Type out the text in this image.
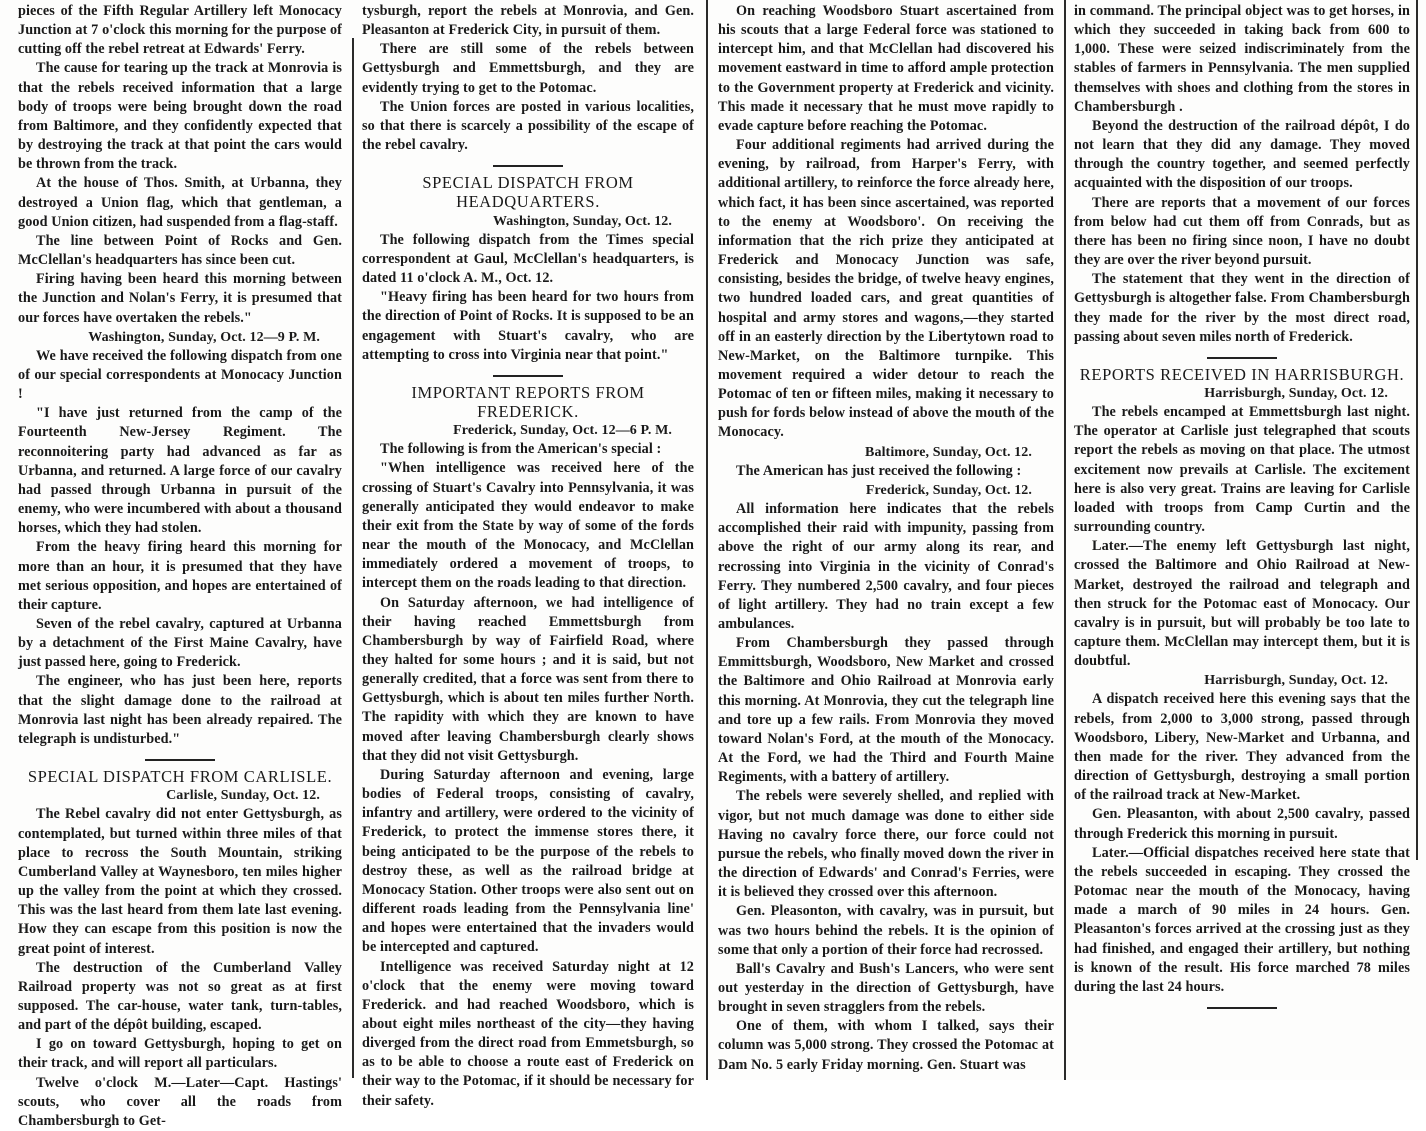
pieces of the Fifth Regular Artillery left Monocacy Junction at 7 o'clock this morning for the purpose of cutting off the rebel retreat at Edwards' Ferry.

The cause for tearing up the track at Monrovia is that the rebels received information that a large body of troops were being brought down the road from Baltimore, and they confidently expected that by destroying the track at that point the cars would be thrown from the track.

At the house of Thos. Smith, at Urbanna, they destroyed a Union flag, which that gentleman, a good Union citizen, had suspended from a flag-staff.

The line between Point of Rocks and Gen. McClellan's headquarters has since been cut.

Firing having been heard this morning between the Junction and Nolan's Ferry, it is presumed that our forces have overtaken the rebels."

Washington, Sunday, Oct. 12—9 P. M.

We have received the following dispatch from one of our special correspondents at Monocacy Junction !

"I have just returned from the camp of the Fourteenth New-Jersey Regiment. The reconnoitering party had advanced as far as Urbanna, and returned. A large force of our cavalry had passed through Urbanna in pursuit of the enemy, who were incumbered with about a thousand horses, which they had stolen.

From the heavy firing heard this morning for more than an hour, it is presumed that they have met serious opposition, and hopes are entertained of their capture.

Seven of the rebel cavalry, captured at Urbanna by a detachment of the First Maine Cavalry, have just passed here, going to Frederick.

The engineer, who has just been here, reports that the slight damage done to the railroad at Monrovia last night has been already repaired. The telegraph is undisturbed."

SPECIAL DISPATCH FROM CARLISLE.

Carlisle, Sunday, Oct. 12.

The Rebel cavalry did not enter Gettysburgh, as contemplated, but turned within three miles of that place to recross the South Mountain, striking Cumberland Valley at Waynesboro, ten miles higher up the valley from the point at which they crossed. This was the last heard from them late last evening. How they can escape from this position is now the great point of interest.

The destruction of the Cumberland Valley Railroad property was not so great as at first supposed. The car-house, water tank, turn-tables, and part of the dépôt building, escaped.

I go on toward Gettysburgh, hoping to get on their track, and will report all particulars.

Twelve o'clock M.—Later—Capt. Hastings' scouts, who cover all the roads from Chambersburgh to Get-

tysburgh, report the rebels at Monrovia, and Gen. Pleasanton at Frederick City, in pursuit of them.

There are still some of the rebels between Gettysburgh and Emmettsburgh, and they are evidently trying to get to the Potomac.

The Union forces are posted in various localities, so that there is scarcely a possibility of the escape of the rebel cavalry.

SPECIAL DISPATCH FROM HEADQUARTERS.

Washington, Sunday, Oct. 12.

The following dispatch from the Times special correspondent at Gaul, McClellan's headquarters, is dated 11 o'clock A. M., Oct. 12.

"Heavy firing has been heard for two hours from the direction of Point of Rocks. It is supposed to be an engagement with Stuart's cavalry, who are attempting to cross into Virginia near that point."

IMPORTANT REPORTS FROM FREDERICK.

Frederick, Sunday, Oct. 12—6 P. M.

The following is from the American's special :

"When intelligence was received here of the crossing of Stuart's Cavalry into Pennsylvania, it was generally anticipated they would endeavor to make their exit from the State by way of some of the fords near the mouth of the Monocacy, and McClellan immediately ordered a movement of troops, to intercept them on the roads leading to that direction.

On Saturday afternoon, we had intelligence of their having reached Emmettsburgh from Chambersburgh by way of Fairfield Road, where they halted for some hours ; and it is said, but not generally credited, that a force was sent from there to Gettysburgh, which is about ten miles further North. The rapidity with which they are known to have moved after leaving Chambersburgh clearly shows that they did not visit Gettysburgh.

During Saturday afternoon and evening, large bodies of Federal troops, consisting of cavalry, infantry and artillery, were ordered to the vicinity of Frederick, to protect the immense stores there, it being anticipated to be the purpose of the rebels to destroy these, as well as the railroad bridge at Monocacy Station. Other troops were also sent out on different roads leading from the Pennsylvania line' and hopes were entertained that the invaders would be intercepted and captured.

Intelligence was received Saturday night at 12 o'clock that the enemy were moving toward Frederick. and had reached Woodsboro, which is about eight miles northeast of the city—they having diverged from the direct road from Emmetsburgh, so as to be able to choose a route east of Frederick on their way to the Potomac, if it should be necessary for their safety.

On reaching Woodsboro Stuart ascertained from his scouts that a large Federal force was stationed to intercept him, and that McClellan had discovered his movement eastward in time to afford ample protection to the Government property at Frederick and vicinity. This made it necessary that he must move rapidly to evade capture before reaching the Potomac.

Four additional regiments had arrived during the evening, by railroad, from Harper's Ferry, with additional artillery, to reinforce the force already here, which fact, it has been since ascertained, was reported to the enemy at Woodsboro'. On receiving the information that the rich prize they anticipated at Frederick and Monocacy Junction was safe, consisting, besides the bridge, of twelve heavy engines, two hundred loaded cars, and great quantities of hospital and army stores and wagons,—they started off in an easterly direction by the Libertytown road to New-Market, on the Baltimore turnpike. This movement required a wider detour to reach the Potomac of ten or fifteen miles, making it necessary to push for fords below instead of above the mouth of the Monocacy.

Baltimore, Sunday, Oct. 12.

The American has just received the following :

Frederick, Sunday, Oct. 12.

All information here indicates that the rebels accomplished their raid with impunity, passing from above the right of our army along its rear, and recrossing into Virginia in the vicinity of Conrad's Ferry. They numbered 2,500 cavalry, and four pieces of light artillery. They had no train except a few ambulances.

From Chambersburgh they passed through Emmittsburgh, Woodsboro, New Market and crossed the Baltimore and Ohio Railroad at Monrovia early this morning. At Monrovia, they cut the telegraph line and tore up a few rails. From Monrovia they moved toward Nolan's Ford, at the mouth of the Monocacy. At the Ford, we had the Third and Fourth Maine Regiments, with a battery of artillery.

The rebels were severely shelled, and replied with vigor, but not much damage was done to either side Having no cavalry force there, our force could not pursue the rebels, who finally moved down the river in the direction of Edwards' and Conrad's Ferries, were it is believed they crossed over this afternoon.

Gen. Pleasonton, with cavalry, was in pursuit, but was two hours behind the rebels. It is the opinion of some that only a portion of their force had recrossed.

Ball's Cavalry and Bush's Lancers, who were sent out yesterday in the direction of Gettysburgh, have brought in seven stragglers from the rebels.

One of them, with whom I talked, says their column was 5,000 strong. They crossed the Potomac at Dam No. 5 early Friday morning. Gen. Stuart was

in command. The principal object was to get horses, in which they succeeded in taking back from 600 to 1,000. These were seized indiscriminately from the stables of farmers in Pennsylvania. The men supplied themselves with shoes and clothing from the stores in Chambersburgh .

Beyond the destruction of the railroad dépôt, I do not learn that they did any damage. They moved through the country together, and seemed perfectly acquainted with the disposition of our troops.

There are reports that a movement of our forces from below had cut them off from Conrads, but as there has been no firing since noon, I have no doubt they are over the river beyond pursuit.

The statement that they went in the direction of Gettysburgh is altogether false. From Chambersburgh they made for the river by the most direct road, passing about seven miles north of Frederick.

REPORTS RECEIVED IN HARRISBURGH.

Harrisburgh, Sunday, Oct. 12.

The rebels encamped at Emmettsburgh last night. The operator at Carlisle just telegraphed that scouts report the rebels as moving on that place. The utmost excitement now prevails at Carlisle. The excitement here is also very great. Trains are leaving for Carlisle loaded with troops from Camp Curtin and the surrounding country.

Later.—The enemy left Gettysburgh last night, crossed the Baltimore and Ohio Railroad at New-Market, destroyed the railroad and telegraph and then struck for the Potomac east of Monocacy. Our cavalry is in pursuit, but will probably be too late to capture them. McClellan may intercept them, but it is doubtful.

Harrisburgh, Sunday, Oct. 12.

A dispatch received here this evening says that the rebels, from 2,000 to 3,000 strong, passed through Woodsboro, Libery, New-Market and Urbanna, and then made for the river. They advanced from the direction of Gettysburgh, destroying a small portion of the railroad track at New-Market.

Gen. Pleasanton, with about 2,500 cavalry, passed through Frederick this morning in pursuit.

Later.—Official dispatches received here state that the rebels succeeded in escaping. They crossed the Potomac near the mouth of the Monocacy, having made a march of 90 miles in 24 hours. Gen. Pleasanton's forces arrived at the crossing just as they had finished, and engaged their artillery, but nothing is known of the result. His force marched 78 miles during the last 24 hours.
